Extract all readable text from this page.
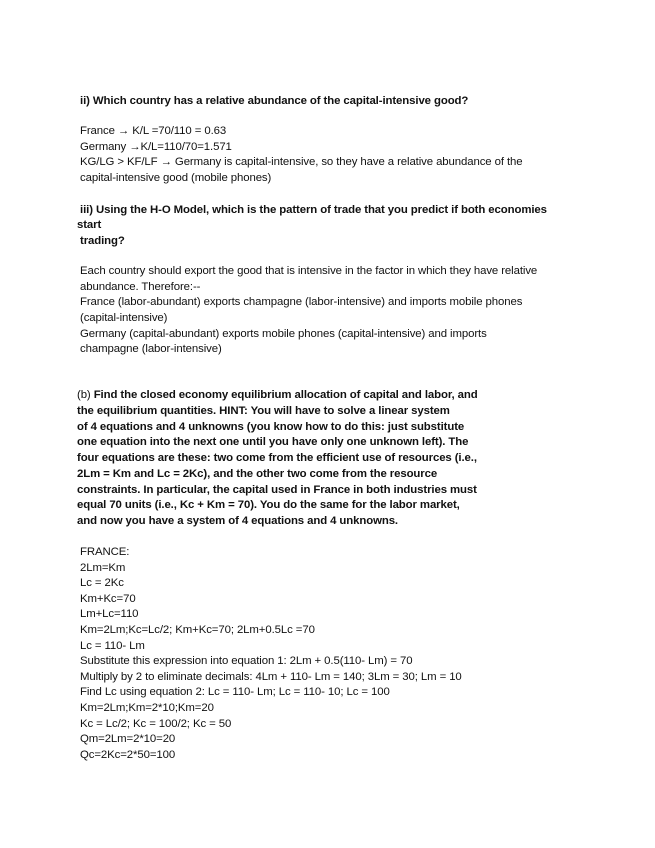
ii) Which country has a relative abundance of the capital-intensive good?
France → K/L =70/110 = 0.63
Germany →K/L=110/70=1.571
KG/LG > KF/LF → Germany is capital-intensive, so they have a relative abundance of the
capital-intensive good (mobile phones)
iii) Using the H-O Model, which is the pattern of trade that you predict if both economies
start
trading?
Each country should export the good that is intensive in the factor in which they have relative
abundance. Therefore:--
France (labor-abundant) exports champagne (labor-intensive) and imports mobile phones
(capital-intensive)
Germany (capital-abundant) exports mobile phones (capital-intensive) and imports
champagne (labor-intensive)
(b) Find the closed economy equilibrium allocation of capital and labor, and
the equilibrium quantities. HINT: You will have to solve a linear system
of 4 equations and 4 unknowns (you know how to do this: just substitute
one equation into the next one until you have only one unknown left). The
four equations are these: two come from the efficient use of resources (i.e.,
2Lm = Km and Lc = 2Kc), and the other two come from the resource
constraints. In particular, the capital used in France in both industries must
equal 70 units (i.e., Kc + Km = 70). You do the same for the labor market,
and now you have a system of 4 equations and 4 unknowns.
FRANCE:
2Lm=Km
Lc = 2Kc
Km+Kc=70
Lm+Lc=110
Km=2Lm;Kc=Lc/2; Km+Kc=70; 2Lm+0.5Lc =70
Lc = 110- Lm
Substitute this expression into equation 1: 2Lm + 0.5(110- Lm) = 70
Multiply by 2 to eliminate decimals: 4Lm + 110- Lm = 140; 3Lm = 30; Lm = 10
Find Lc using equation 2: Lc = 110- Lm; Lc = 110- 10; Lc = 100
Km=2Lm;Km=2*10;Km=20
Kc = Lc/2; Kc = 100/2; Kc = 50
Qm=2Lm=2*10=20
Qc=2Kc=2*50=100
